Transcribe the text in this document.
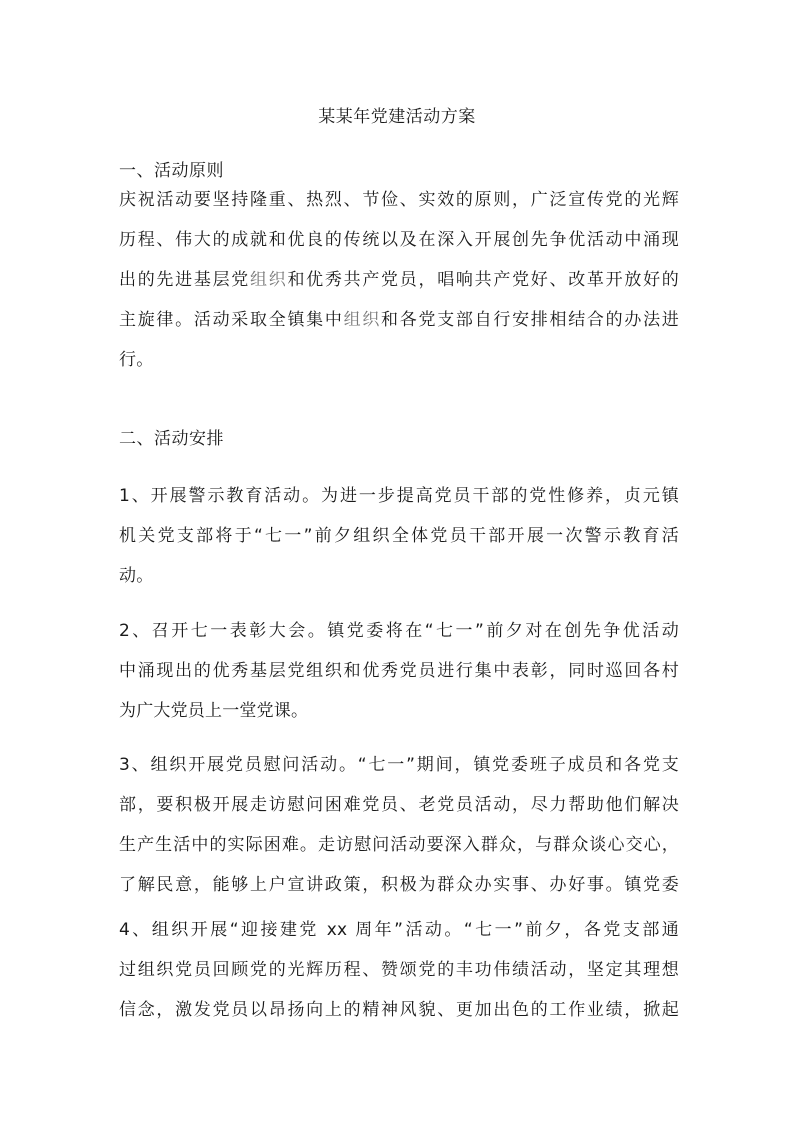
某某年党建活动方案
一、活动原则
庆祝活动要坚持隆重、热烈、节俭、实效的原则，广泛宣传党的光辉
历程、伟大的成就和优良的传统以及在深入开展创先争优活动中涌现
出的先进基层党组织和优秀共产党员，唱响共产党好、改革开放好的
主旋律。活动采取全镇集中组织和各党支部自行安排相结合的办法进
行。
二、活动安排
1、开展警示教育活动。为进一步提高党员干部的党性修养，贞元镇
机关党支部将于“七一”前夕组织全体党员干部开展一次警示教育活
动。
2、召开七一表彰大会。镇党委将在“七一”前夕对在创先争优活动
中涌现出的优秀基层党组织和优秀党员进行集中表彰，同时巡回各村
为广大党员上一堂党课。
3、组织开展党员慰问活动。“七一”期间，镇党委班子成员和各党支
部，要积极开展走访慰问困难党员、老党员活动，尽力帮助他们解决
生产生活中的实际困难。走访慰问活动要深入群众，与群众谈心交心，
了解民意，能够上户宣讲政策，积极为群众办实事、办好事。镇党委
4、组织开展“迎接建党 xx 周年”活动。“七一”前夕，各党支部通
过组织党员回顾党的光辉历程、赞颂党的丰功伟绩活动，坚定其理想
信念，激发党员以昂扬向上的精神风貌、更加出色的工作业绩，掀起
